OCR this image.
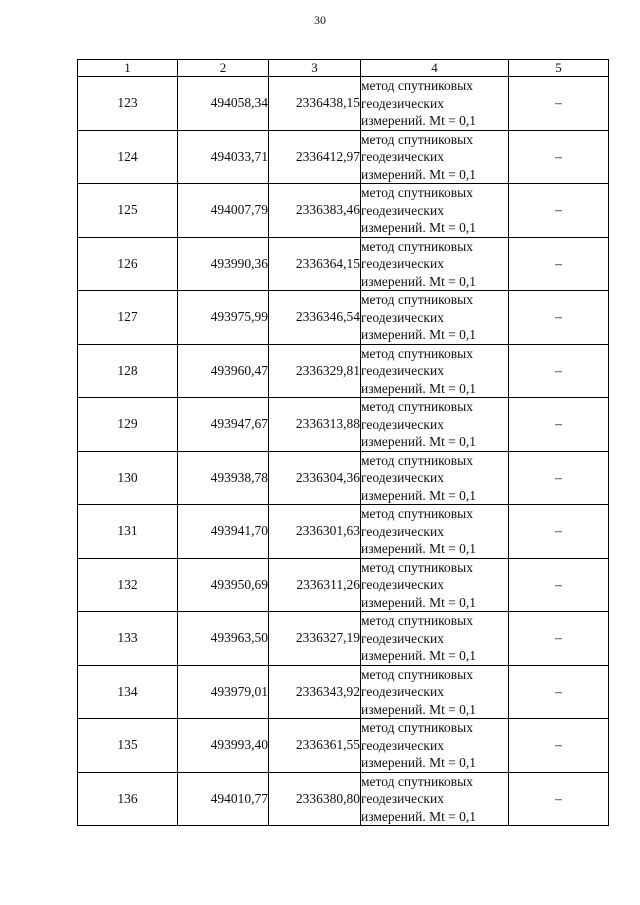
30
1	2	3	4	5
123	494058,34	2336438,15	метод спутниковых
геодезических
измерений. Mt = 0,1	–
124	494033,71	2336412,97	метод спутниковых
геодезических
измерений. Mt = 0,1	–
125	494007,79	2336383,46	метод спутниковых
геодезических
измерений. Mt = 0,1	–
126	493990,36	2336364,15	метод спутниковых
геодезических
измерений. Mt = 0,1	–
127	493975,99	2336346,54	метод спутниковых
геодезических
измерений. Mt = 0,1	–
128	493960,47	2336329,81	метод спутниковых
геодезических
измерений. Mt = 0,1	–
129	493947,67	2336313,88	метод спутниковых
геодезических
измерений. Mt = 0,1	–
130	493938,78	2336304,36	метод спутниковых
геодезических
измерений. Mt = 0,1	–
131	493941,70	2336301,63	метод спутниковых
геодезических
измерений. Mt = 0,1	–
132	493950,69	2336311,26	метод спутниковых
геодезических
измерений. Mt = 0,1	–
133	493963,50	2336327,19	метод спутниковых
геодезических
измерений. Mt = 0,1	–
134	493979,01	2336343,92	метод спутниковых
геодезических
измерений. Mt = 0,1	–
135	493993,40	2336361,55	метод спутниковых
геодезических
измерений. Mt = 0,1	–
136	494010,77	2336380,80	метод спутниковых
геодезических
измерений. Mt = 0,1	–
